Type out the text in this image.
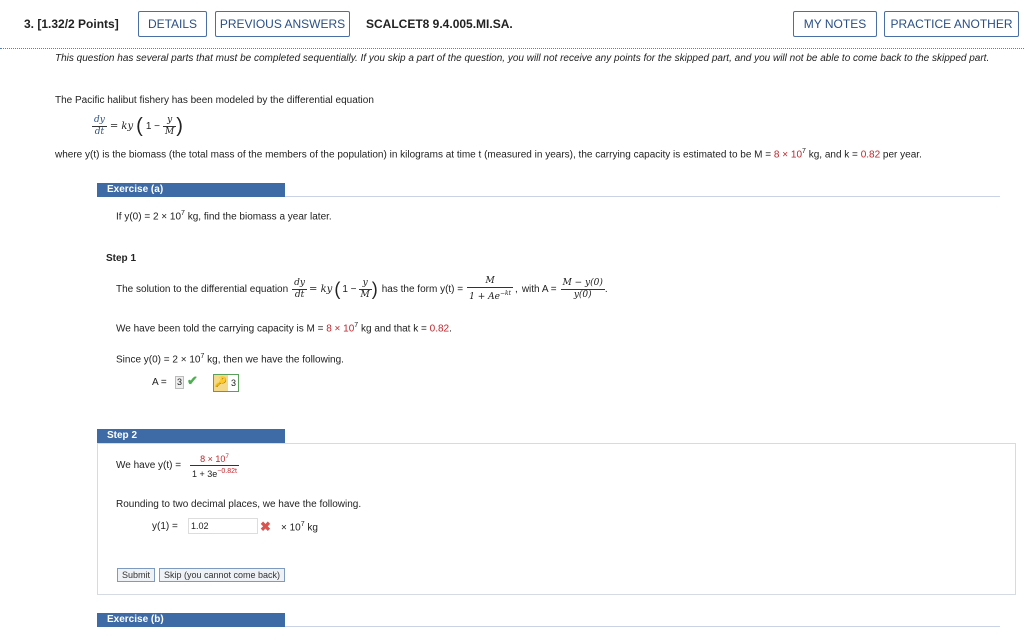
3. [1.32/2 Points]	DETAILS	PREVIOUS ANSWERS	SCALCET8 9.4.005.MI.SA.	MY NOTES	PRACTICE ANOTHER
This question has several parts that must be completed sequentially. If you skip a part of the question, you will not receive any points for the skipped part, and you will not be able to come back to the skipped part.
The Pacific halibut fishery has been modeled by the differential equation
$\frac{dy}{dt}$ = ky ( $1 - \frac{y}{M}$ )
where y(t) is the biomass (the total mass of the members of the population) in kilograms at time t (measured in years), the carrying capacity is estimated to be $M = 8 \times 10^7$ kg, and k = 0.82 per year.
Exercise (a)
If $y(0) = 2 \times 10^7$ kg, find the biomass a year later.
Step 1
The solution to the differential equation $\frac{dy}{dt}$ = ky ( $1 - \frac{y}{M}$ ) has the form $y(t) = \frac{M}{1 + Ae^{-kt}}$ , with $A = \frac{M - y(0)}{y(0)}$ .
We have been told the carrying capacity is $M = 8 \times 10^7$ kg and that k = 0.82.
Since $y(0) = 2 \times 10^7$ kg, then we have the following.
A = 3 ✔ 🔑 3
Step 2
We have y(t) =
$8 \times 10^7$
$1 + 3e^{-0.82t}$
Rounding to two decimal places, we have the following.
y(1) =	1.02	✖ × $10^7$ kg
Submit	Skip (you cannot come back)
Exercise (b)
